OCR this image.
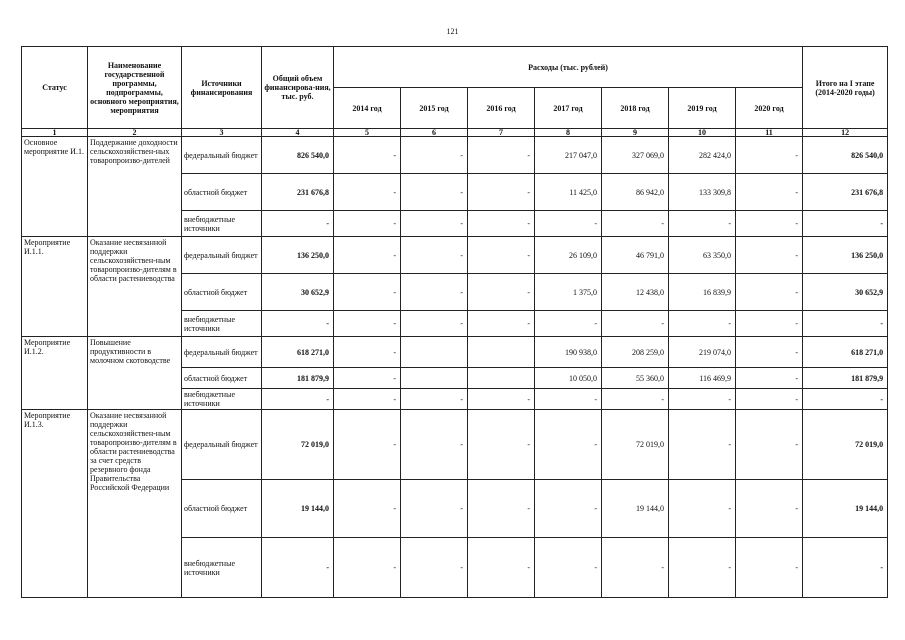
121
Статус	Наименование государственной программы, подпрограммы, основного мероприятия, мероприятия	Источники финансирования	Общий объем финансирова-ния, тыс. руб.	Расходы (тыс. рублей)							Итого на I этапе (2014-2020 годы)
				2014 год	2015 год	2016 год	2017 год	2018 год	2019 год	2020 год	
1	2	3	4	5	6	7	8	9	10	11	12
Основное мероприятие И.1.	Поддержание доходности сельскохозяйствен-ных товаропроизво-дителей	федеральный бюджет	826 540,0	-	-	-	217 047,0	327 069,0	282 424,0	-	826 540,0
		областной бюджет	231 676,8	-	-	-	11 425,0	86 942,0	133 309,8	-	231 676,8
		внебюджетные источники	-	-	-	-	-	-	-	-	-
Мероприятие И.1.1.	Оказание несвязанной поддержки сельскохозяйствен-ным товаропроизво-дителям в области растениеводства	федеральный бюджет	136 250,0	-	-	-	26 109,0	46 791,0	63 350,0	-	136 250,0
		областной бюджет	30 652,9	-	-	-	1 375,0	12 438,0	16 839,9	-	30 652,9
		внебюджетные источники	-	-	-	-	-	-	-	-	-
Мероприятие И.1.2.	Повышение продуктивности в молочном скотоводстве	федеральный бюджет	618 271,0	-			190 938,0	208 259,0	219 074,0	-	618 271,0
		областной бюджет	181 879,9	-			10 050,0	55 360,0	116 469,9	-	181 879,9
		внебюджетные источники	-	-	-	-	-	-	-	-	-
Мероприятие И.1.3.	Оказание несвязанной поддержки сельскохозяйствен-ным товаропроизво-дителям в области растениеводства за счет средств резервного фонда Правительства Российской Федерации	федеральный бюджет	72 019,0	-	-	-	-	72 019,0	-	-	72 019,0
		областной бюджет	19 144,0	-	-	-	-	19 144,0	-	-	19 144,0
		внебюджетные источники	-	-	-	-	-	-	-	-	-
